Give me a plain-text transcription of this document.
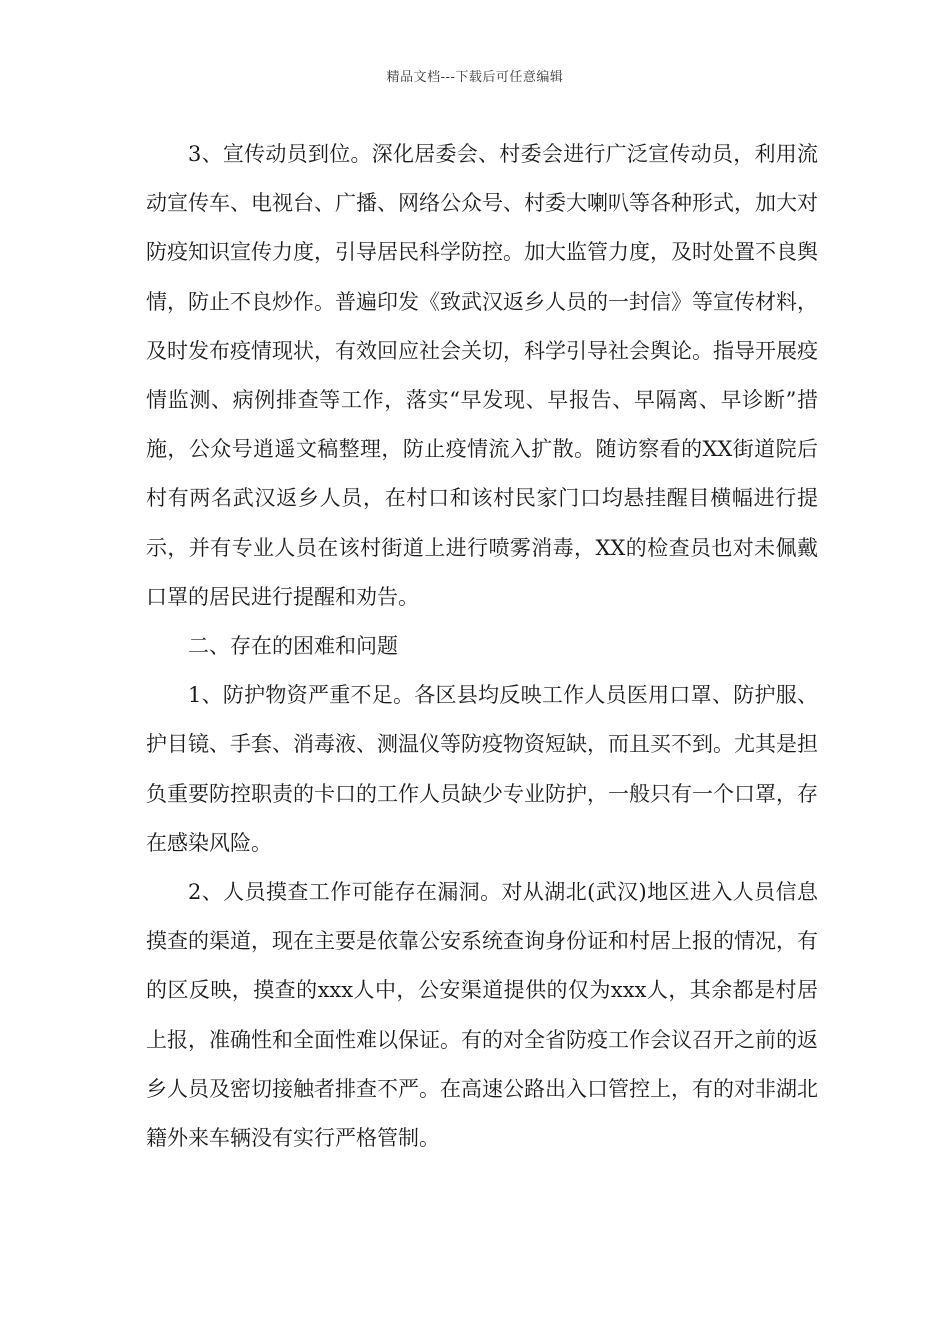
精品文档---下载后可任意编辑

3、宣传动员到位。深化居委会、村委会进行广泛宣传动员，利用流动宣传车、电视台、广播、网络公众号、村委大喇叭等各种形式，加大对防疫知识宣传力度，引导居民科学防控。加大监管力度，及时处置不良舆情，防止不良炒作。普遍印发《致武汉返乡人员的一封信》等宣传材料，及时发布疫情现状，有效回应社会关切，科学引导社会舆论。指导开展疫情监测、病例排查等工作，落实“早发现、早报告、早隔离、早诊断”措施，公众号逍遥文稿整理，防止疫情流入扩散。随访察看的XX街道院后村有两名武汉返乡人员，在村口和该村民家门口均悬挂醒目横幅进行提示，并有专业人员在该村街道上进行喷雾消毒，XX的检查员也对未佩戴口罩的居民进行提醒和劝告。

二、存在的困难和问题

1、防护物资严重不足。各区县均反映工作人员医用口罩、防护服、护目镜、手套、消毒液、测温仪等防疫物资短缺，而且买不到。尤其是担负重要防控职责的卡口的工作人员缺少专业防护，一般只有一个口罩，存在感染风险。

2、人员摸查工作可能存在漏洞。对从湖北(武汉)地区进入人员信息摸查的渠道，现在主要是依靠公安系统查询身份证和村居上报的情况，有的区反映，摸查的xxx人中，公安渠道提供的仅为xxx人，其余都是村居上报，准确性和全面性难以保证。有的对全省防疫工作会议召开之前的返乡人员及密切接触者排查不严。在高速公路出入口管控上，有的对非湖北籍外来车辆没有实行严格管制。
